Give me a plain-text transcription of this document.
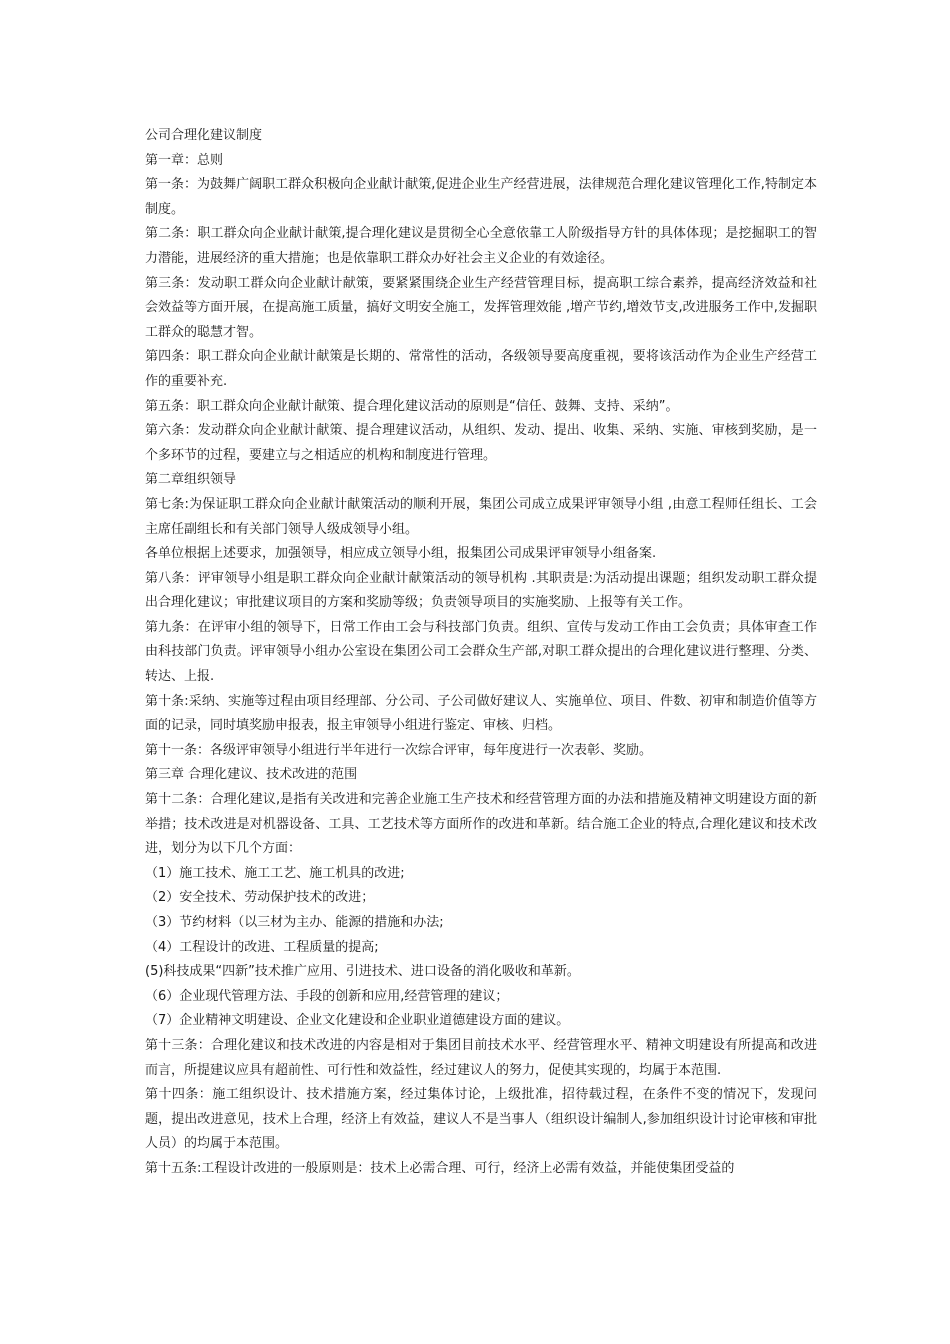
公司合理化建议制度

第一章：总则

第一条：为鼓舞广阔职工群众积极向企业献计献策,促进企业生产经营进展，法律规范合理化建议管理化工作,特制定本制度。

第二条：职工群众向企业献计献策,提合理化建议是贯彻全心全意依靠工人阶级指导方针的具体体现；是挖掘职工的智力潜能，进展经济的重大措施；也是依靠职工群众办好社会主义企业的有效途径。

第三条：发动职工群众向企业献计献策，要紧紧围绕企业生产经营管理目标，提高职工综合素养，提高经济效益和社会效益等方面开展，在提高施工质量，搞好文明安全施工，发挥管理效能 ,增产节约,增效节支,改进服务工作中,发掘职工群众的聪慧才智。

第四条：职工群众向企业献计献策是长期的、常常性的活动，各级领导要高度重视，要将该活动作为企业生产经营工作的重要补充.

第五条：职工群众向企业献计献策、提合理化建议活动的原则是“信任、鼓舞、支持、采纳”。

第六条：发动群众向企业献计献策、提合理建议活动，从组织、发动、提出、收集、采纳、实施、审核到奖励，是一个多环节的过程，要建立与之相适应的机构和制度进行管理。

第二章组织领导

第七条:为保证职工群众向企业献计献策活动的顺利开展，集团公司成立成果评审领导小组 ,由意工程师任组长、工会主席任副组长和有关部门领导人级成领导小组。

各单位根据上述要求，加强领导，相应成立领导小组，报集团公司成果评审领导小组备案.

第八条：评审领导小组是职工群众向企业献计献策活动的领导机构 .其职责是:为活动提出课题；组织发动职工群众提出合理化建议；审批建议项目的方案和奖励等级；负责领导项目的实施奖励、上报等有关工作。

第九条：在评审小组的领导下，日常工作由工会与科技部门负责。组织、宣传与发动工作由工会负责；具体审查工作由科技部门负责。评审领导小组办公室设在集团公司工会群众生产部,对职工群众提出的合理化建议进行整理、分类、转达、上报.

第十条:采纳、实施等过程由项目经理部、分公司、子公司做好建议人、实施单位、项目、件数、初审和制造价值等方面的记录，同时填奖励申报表，报主审领导小组进行鉴定、审核、归档。

第十一条：各级评审领导小组进行半年进行一次综合评审，每年度进行一次表彰、奖励。

第三章 合理化建议、技术改进的范围

第十二条：合理化建议,是指有关改进和完善企业施工生产技术和经营管理方面的办法和措施及精神文明建设方面的新举措；技术改进是对机器设备、工具、工艺技术等方面所作的改进和革新。结合施工企业的特点,合理化建议和技术改进，划分为以下几个方面：

（1）施工技术、施工工艺、施工机具的改进;

（2）安全技术、劳动保护技术的改进；

（3）节约材料（以三材为主办、能源的措施和办法;

（4）工程设计的改进、工程质量的提高;

(5)科技成果“四新”技术推广应用、引进技术、进口设备的消化吸收和革新。

（6）企业现代管理方法、手段的创新和应用,经营管理的建议；

（7）企业精神文明建设、企业文化建设和企业职业道德建设方面的建议。

第十三条：合理化建议和技术改进的内容是相对于集团目前技术水平、经营管理水平、精神文明建设有所提高和改进而言，所提建议应具有超前性、可行性和效益性，经过建议人的努力，促使其实现的，均属于本范围.

第十四条：施工组织设计、技术措施方案，经过集体讨论，上级批准，招待载过程，在条件不变的情况下，发现问题，提出改进意见，技术上合理，经济上有效益，建议人不是当事人（组织设计编制人,参加组织设计讨论审核和审批人员）的均属于本范围。

第十五条:工程设计改进的一般原则是：技术上必需合理、可行，经济上必需有效益，并能使集团受益的
